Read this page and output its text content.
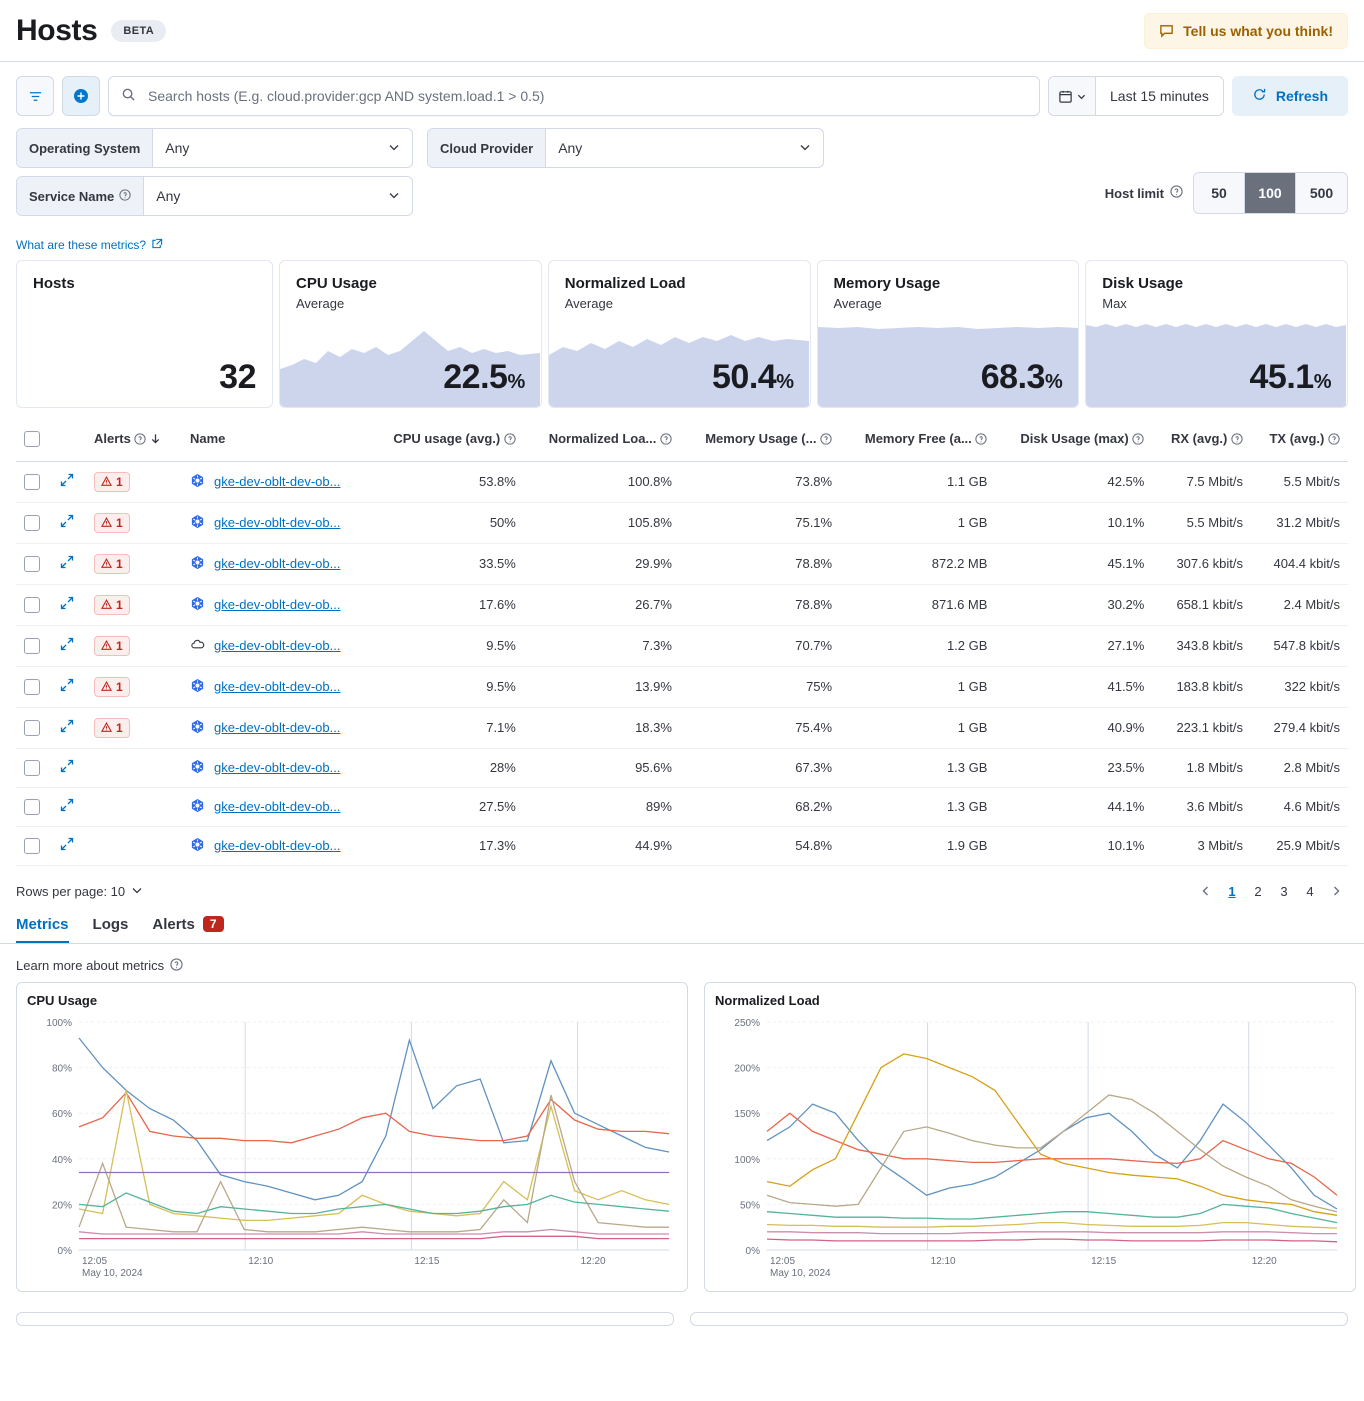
Hosts	BETA	Tell us what you think!
Search hosts (E.g. cloud.provider:gcp AND system.load.1 > 0.5)
Last 15 minutes	Refresh
Operating System	Any	Cloud Provider	Any
Service Name	Any	Host limit	50	100	500
What are these metrics?
Hosts
32
CPU Usage
Average
22.5%
Normalized Load
Average
50.4%
Memory Usage
Average
68.3%
Disk Usage
Max
45.1%
		Alerts	Name	CPU usage (avg.)	Normalized Loa...	Memory Usage (...	Memory Free (a...	Disk Usage (max)	RX (avg.)	TX (avg.)

1	gke-dev-oblt-dev-ob...	53.8%	100.8%	73.8%	1.1 GB	42.5%	7.5 Mbit/s	5.5 Mbit/s

1	gke-dev-oblt-dev-ob...	50%	105.8%	75.1%	1 GB	10.1%	5.5 Mbit/s	31.2 Mbit/s

1	gke-dev-oblt-dev-ob...	33.5%	29.9%	78.8%	872.2 MB	45.1%	307.6 kbit/s	404.4 kbit/s

1	gke-dev-oblt-dev-ob...	17.6%	26.7%	78.8%	871.6 MB	30.2%	658.1 kbit/s	2.4 Mbit/s

1	gke-dev-oblt-dev-ob...	9.5%	7.3%	70.7%	1.2 GB	27.1%	343.8 kbit/s	547.8 kbit/s

1	gke-dev-oblt-dev-ob...	9.5%	13.9%	75%	1 GB	41.5%	183.8 kbit/s	322 kbit/s

1	gke-dev-oblt-dev-ob...	7.1%	18.3%	75.4%	1 GB	40.9%	223.1 kbit/s	279.4 kbit/s

gke-dev-oblt-dev-ob...	28%	95.6%	67.3%	1.3 GB	23.5%	1.8 Mbit/s	2.8 Mbit/s

gke-dev-oblt-dev-ob...	27.5%	89%	68.2%	1.3 GB	44.1%	3.6 Mbit/s	4.6 Mbit/s

gke-dev-oblt-dev-ob...	17.3%	44.9%	54.8%	1.9 GB	10.1%	3 Mbit/s	25.9 Mbit/s
Rows per page: 10	1	2	3	4
Metrics Logs Alerts	7
Learn more about metrics
CPU Usage
0%
20%
40%
60%
80%
100%
12:05	12:10	12:15	12:20
May 10, 2024
Normalized Load
0%
50%
100%
150%
200%
250%
12:05	12:10	12:15	12:20
May 10, 2024
